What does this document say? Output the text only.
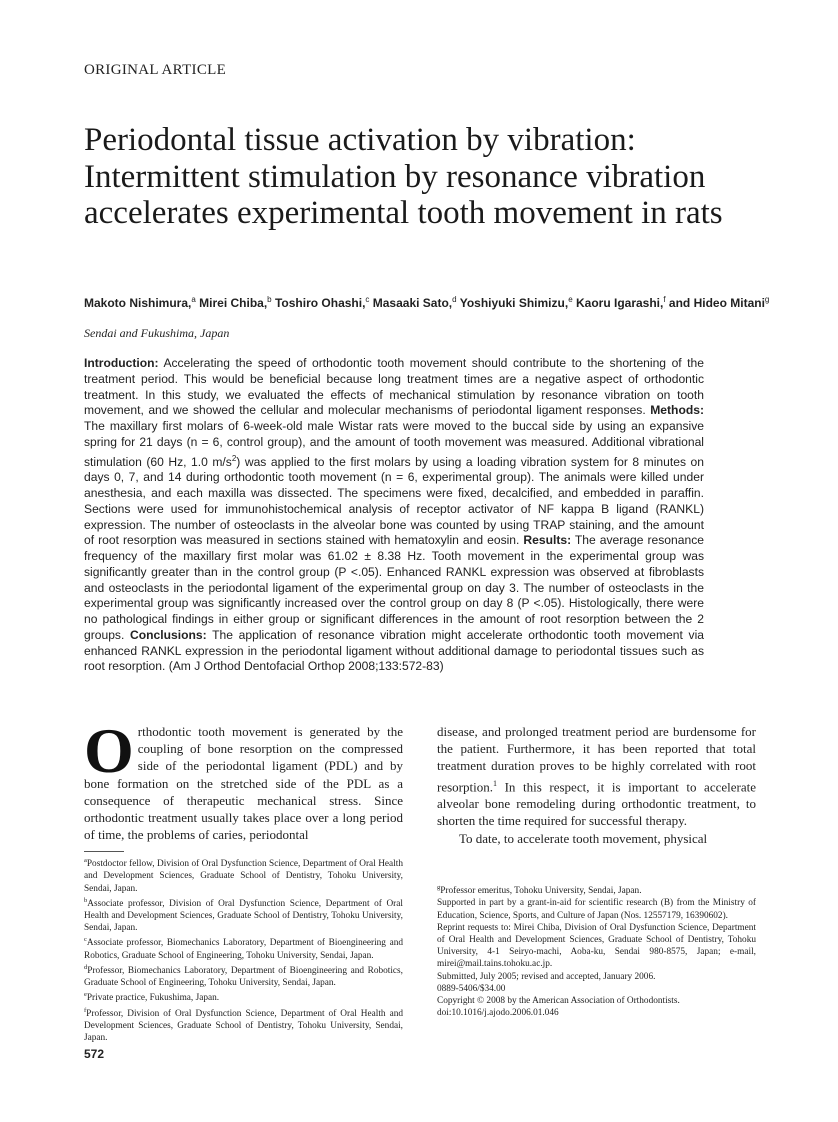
ORIGINAL ARTICLE
Periodontal tissue activation by vibration: Intermittent stimulation by resonance vibration accelerates experimental tooth movement in rats
Makoto Nishimura,$^a$ Mirei Chiba,$^b$ Toshiro Ohashi,$^c$ Masaaki Sato,$^d$ Yoshiyuki Shimizu,$^e$ Kaoru Igarashi,$^f$ and Hideo Mitani$^g$
Sendai and Fukushima, Japan
Introduction: Accelerating the speed of orthodontic tooth movement should contribute to the shortening of the treatment period. This would be beneficial because long treatment times are a negative aspect of orthodontic treatment. In this study, we evaluated the effects of mechanical stimulation by resonance vibration on tooth movement, and we showed the cellular and molecular mechanisms of periodontal ligament responses. Methods: The maxillary first molars of 6-week-old male Wistar rats were moved to the buccal side by using an expansive spring for 21 days (n = 6, control group), and the amount of tooth movement was measured. Additional vibrational stimulation (60 Hz, 1.0 $m/s^2$) was applied to the first molars by using a loading vibration system for 8 minutes on days 0, 7, and 14 during orthodontic tooth movement (n = 6, experimental group). The animals were killed under anesthesia, and each maxilla was dissected. The specimens were fixed, decalcified, and embedded in paraffin. Sections were used for immunohistochemical analysis of receptor activator of NF kappa B ligand (RANKL) expression. The number of osteoclasts in the alveolar bone was counted by using TRAP staining, and the amount of root resorption was measured in sections stained with hematoxylin and eosin. Results: The average resonance frequency of the maxillary first molar was 61.02 ± 8.38 Hz. Tooth movement in the experimental group was significantly greater than in the control group (P <.05). Enhanced RANKL expression was observed at fibroblasts and osteoclasts in the periodontal ligament of the experimental group on day 3. The number of osteoclasts in the experimental group was significantly increased over the control group on day 8 (P <.05). Histologically, there were no pathological findings in either group or significant differences in the amount of root resorption between the 2 groups. Conclusions: The application of resonance vibration might accelerate orthodontic tooth movement via enhanced RANKL expression in the periodontal ligament without additional damage to periodontal tissues such as root resorption. (Am J Orthod Dentofacial Orthop 2008;133:572-83)
Orthodontic tooth movement is generated by the coupling of bone resorption on the compressed side of the periodontal ligament (PDL) and by bone formation on the stretched side of the PDL as a consequence of therapeutic mechanical stress. Since orthodontic treatment usually takes place over a long period of time, the problems of caries, periodontal

disease, and prolonged treatment period are burdensome for the patient. Furthermore, it has been reported that total treatment duration proves to be highly correlated with root resorption.$^1$ In this respect, it is important to accelerate alveolar bone remodeling during orthodontic treatment, to shorten the time required for successful therapy.

To date, to accelerate tooth movement, physical

$^a$Postdoctor fellow, Division of Oral Dysfunction Science, Department of Oral Health and Development Sciences, Graduate School of Dentistry, Tohoku University, Sendai, Japan.

$^b$Associate professor, Division of Oral Dysfunction Science, Department of Oral Health and Development Sciences, Graduate School of Dentistry, Tohoku University, Sendai, Japan.

$^c$Associate professor, Biomechanics Laboratory, Department of Bioengineering and Robotics, Graduate School of Engineering, Tohoku University, Sendai, Japan.

$^d$Professor, Biomechanics Laboratory, Department of Bioengineering and Robotics, Graduate School of Engineering, Tohoku University, Sendai, Japan.

$^e$Private practice, Fukushima, Japan.

$^f$Professor, Division of Oral Dysfunction Science, Department of Oral Health and Development Sciences, Graduate School of Dentistry, Tohoku University, Sendai, Japan.

$^g$Professor emeritus, Tohoku University, Sendai, Japan.

Supported in part by a grant-in-aid for scientific research (B) from the Ministry of Education, Science, Sports, and Culture of Japan (Nos. 12557179, 16390602).

Reprint requests to: Mirei Chiba, Division of Oral Dysfunction Science, Department of Oral Health and Development Sciences, Graduate School of Dentistry, Tohoku University, 4-1 Seiryo-machi, Aoba-ku, Sendai 980-8575, Japan; e-mail, mirei@mail.tains.tohoku.ac.jp.

Submitted, July 2005; revised and accepted, January 2006.

0889-5406/$34.00

Copyright © 2008 by the American Association of Orthodontists.

doi:10.1016/j.ajodo.2006.01.046

572
